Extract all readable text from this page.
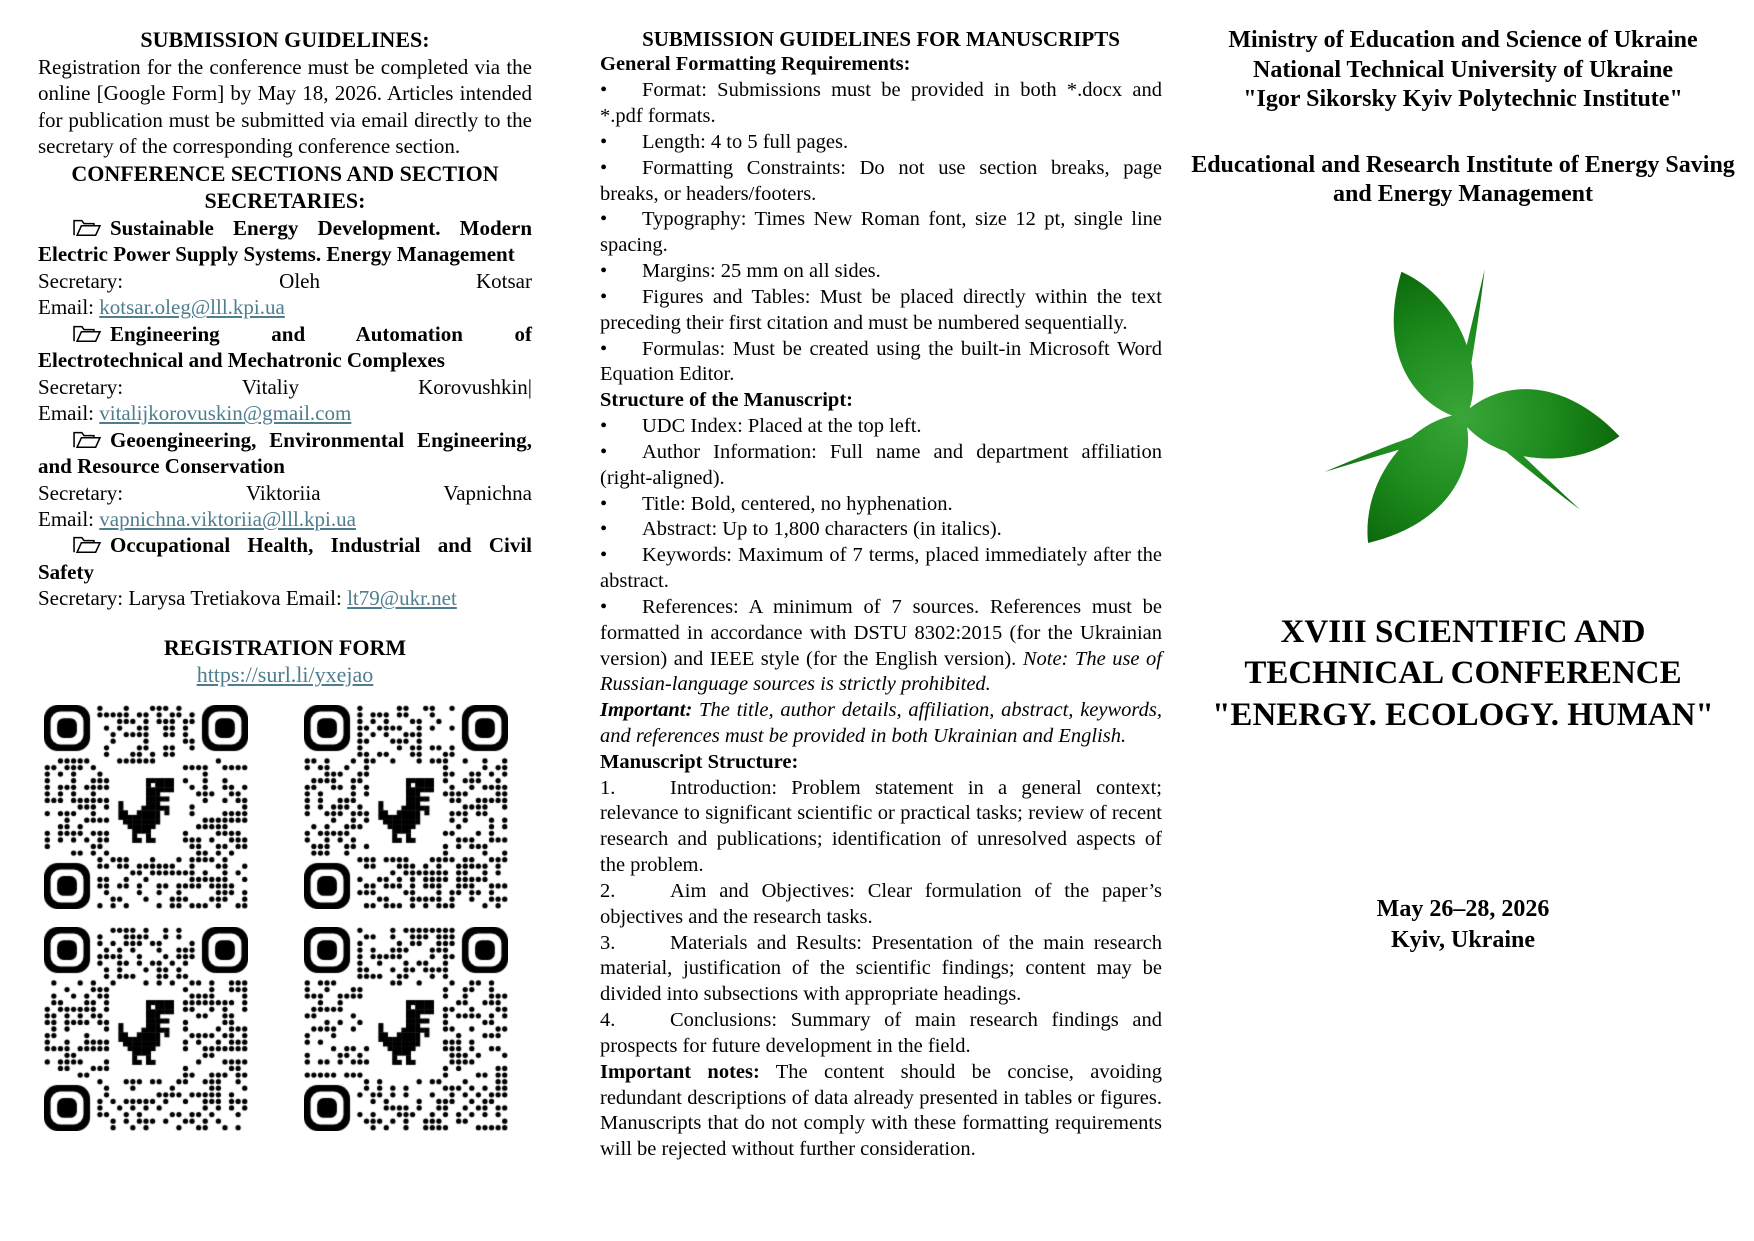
SUBMISSION GUIDELINES:

Registration for the conference must be completed via the online [Google Form] by May 18, 2026. Articles intended for publication must be submitted via email directly to the secretary of the corresponding conference section.

CONFERENCE SECTIONS AND SECTION SECRETARIES:

Sustainable Energy Development. Modern Electric Power Supply Systems. Energy Management

Secretary: Oleh Kotsar

Email: kotsar.oleg@lll.kpi.ua

Engineering and Automation of Electrotechnical and Mechatronic Complexes

Secretary: Vitaliy Korovushkin|

Email: vitalijkorovuskin@gmail.com

Geoengineering, Environmental Engineering, and Resource Conservation

Secretary: Viktoriia Vapnichna

Email: vapnichna.viktoriia@lll.kpi.ua

Occupational Health, Industrial and Civil Safety

Secretary: Larysa Tretiakova Email: lt79@ukr.net

REGISTRATION FORM

https://surl.li/yxejao

SUBMISSION GUIDELINES FOR MANUSCRIPTS

General Formatting Requirements:

• Format: Submissions must be provided in both *.docx and *.pdf formats.

• Length: 4 to 5 full pages.

• Formatting Constraints: Do not use section breaks, page breaks, or headers/footers.

• Typography: Times New Roman font, size 12 pt, single line spacing.

• Margins: 25 mm on all sides.

• Figures and Tables: Must be placed directly within the text preceding their first citation and must be numbered sequentially.

• Formulas: Must be created using the built-in Microsoft Word Equation Editor.

Structure of the Manuscript:

• UDC Index: Placed at the top left.

• Author Information: Full name and department affiliation (right-aligned).

• Title: Bold, centered, no hyphenation.

• Abstract: Up to 1,800 characters (in italics).

• Keywords: Maximum of 7 terms, placed immediately after the abstract.

• References: A minimum of 7 sources. References must be formatted in accordance with DSTU 8302:2015 (for the Ukrainian version) and IEEE style (for the English version). Note: The use of Russian-language sources is strictly prohibited.

Important: The title, author details, affiliation, abstract, keywords, and references must be provided in both Ukrainian and English.

Manuscript Structure:

1.	Introduction: Problem statement in a general context; relevance to significant scientific or practical tasks; review of recent research and publications; identification of unresolved aspects of the problem.

2.	Aim and Objectives: Clear formulation of the paper’s objectives and the research tasks.

3.	Materials and Results: Presentation of the main research material, justification of the scientific findings; content may be divided into subsections with appropriate headings.

4.	Conclusions: Summary of main research findings and prospects for future development in the field.

Important notes: The content should be concise, avoiding redundant descriptions of data already presented in tables or figures. Manuscripts that do not comply with these formatting requirements will be rejected without further consideration.

Ministry of Education and Science of Ukraine

National Technical University of Ukraine

"Igor Sikorsky Kyiv Polytechnic Institute"

Educational and Research Institute of Energy Saving and Energy Management

XVIII SCIENTIFIC AND TECHNICAL CONFERENCE "ENERGY. ECOLOGY. HUMAN"

May 26–28, 2026

Kyiv, Ukraine
